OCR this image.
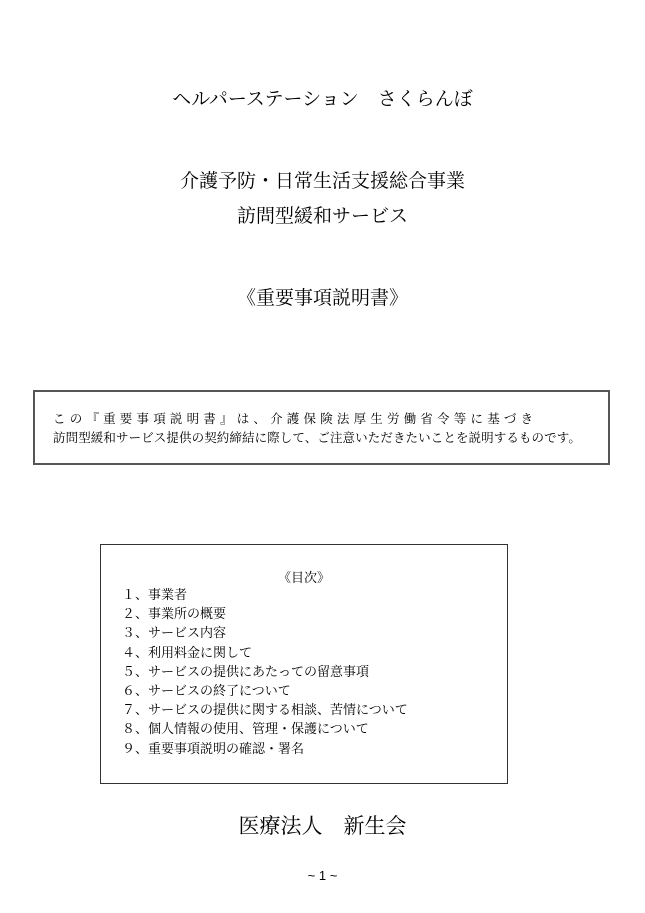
ヘルパーステーション　さくらんぼ
介護予防・日常生活支援総合事業
訪問型緩和サービス
《重要事項説明書》
この『重要事項説明書』は、介護保険法厚生労働省令等に基づき
訪問型緩和サービス提供の契約締結に際して、ご注意いただきたいことを説明するものです。
《目次》
１、事業者
２、事業所の概要
３、サービス内容
４、利用料金に関して
５、サービスの提供にあたっての留意事項
６、サービスの終了について
７、サービスの提供に関する相談、苦情について
８、個人情報の使用、管理・保護について
９、重要事項説明の確認・署名
医療法人　新生会
~ 1 ~
